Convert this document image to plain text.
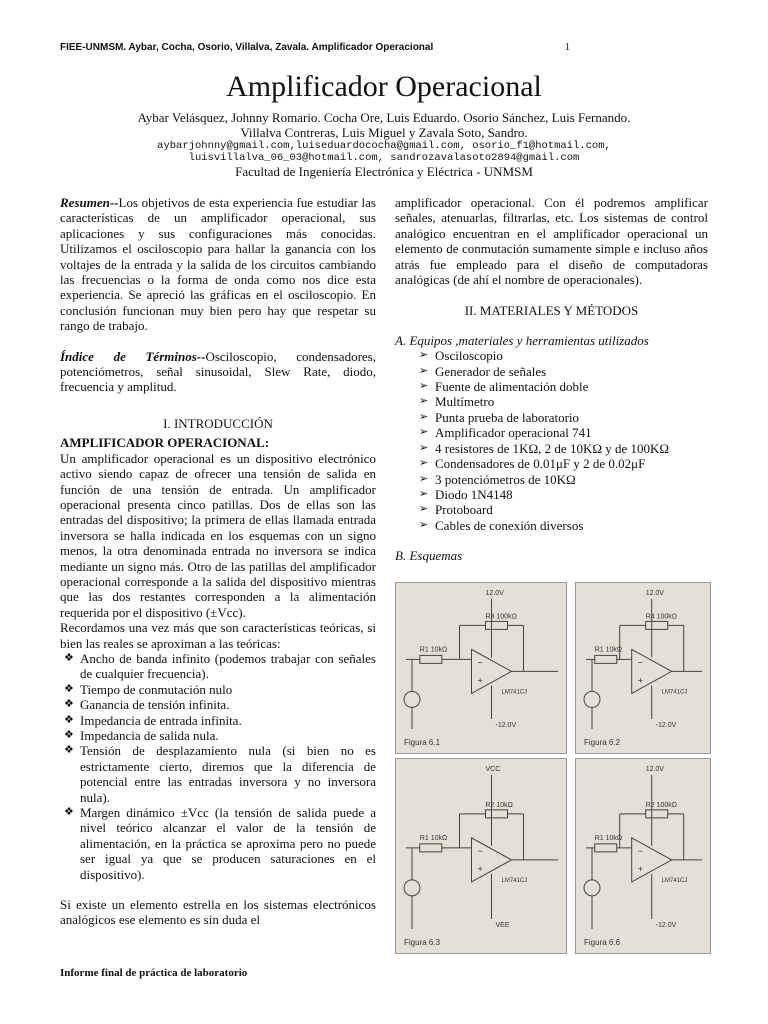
FIEE-UNMSM. Aybar, Cocha, Osorio, Villalva, Zavala. Amplificador Operacional	1
Amplificador Operacional
Aybar Velásquez, Johnny Romario. Cocha Ore, Luis Eduardo. Osorio Sánchez, Luis Fernando.
Villalva Contreras, Luis Miguel y Zavala Soto, Sandro.
aybarjohnny@gmail.com,luiseduardococha@gmail.com, osorio_f1@hotmail.com,
luisvillalva_06_03@hotmail.com, sandrozavalasoto2894@gmail.com
Facultad de Ingeniería Electrónica y Eléctrica - UNMSM

Resumen--Los objetivos de esta experiencia fue estudiar las características de un amplificador operacional, sus aplicaciones y sus configuraciones más conocidas. Utilizamos el osciloscopio para hallar la ganancia con los voltajes de la entrada y la salida de los circuitos cambiando las frecuencias o la forma de onda como nos dice esta experiencia. Se apreció las gráficas en el osciloscopio. En conclusión funcionan muy bien pero hay que respetar su rango de trabajo.

Índice de Términos--Osciloscopio, condensadores, potenciómetros, señal sinusoidal, Slew Rate, diodo, frecuencia y amplitud.

I. INTRODUCCIÓN

AMPLIFICADOR OPERACIONAL:

Un amplificador operacional es un dispositivo electrónico activo siendo capaz de ofrecer una tensión de salida en función de una tensión de entrada. Un amplificador operacional presenta cinco patillas. Dos de ellas son las entradas del dispositivo; la primera de ellas llamada entrada inversora se halla indicada en los esquemas con un signo menos, la otra denominada entrada no inversora se indica mediante un signo más. Otro de las patillas del amplificador operacional corresponde a la salida del dispositivo mientras que las dos restantes corresponden a la alimentación requerida por el dispositivo (±Vcc).

Recordamos una vez más que son características teóricas, si bien las reales se aproximan a las teóricas:

❖ Ancho de banda infinito (podemos trabajar con señales de cualquier frecuencia).
❖ Tiempo de conmutación nulo
❖ Ganancia de tensión infinita.
❖ Impedancia de entrada infinita.
❖ Impedancia de salida nula.
❖ Tensión de desplazamiento nula (si bien no es estrictamente cierto, diremos que la diferencia de potencial entre las entradas inversora y no inversora nula).
❖ Margen dinámico ±Vcc (la tensión de salida puede a nivel teórico alcanzar el valor de la tensión de alimentación, en la práctica se aproxima pero no puede ser igual ya que se producen saturaciones en el dispositivo).

Si existe un elemento estrella en los sistemas electrónicos analógicos ese elemento es sin duda el

amplificador operacional. Con él podremos amplificar señales, atenuarlas, filtrarlas, etc. Los sistemas de control analógico encuentran en el amplificador operacional un elemento de conmutación sumamente simple e incluso años atrás fue empleado para el diseño de computadoras analógicas (de ahí el nombre de operacionales).

II. MATERIALES Y MÉTODOS

A. Equipos ,materiales y herramientas utilizados

➢ Osciloscopio
➢ Generador de señales
➢ Fuente de alimentación doble
➢ Multímetro
➢ Punta prueba de laboratorio
➢ Amplificador operacional 741
➢ 4 resistores de 1KΩ, 2 de 10KΩ y de 100KΩ
➢ Condensadores de 0.01μF y 2 de 0.02μF
➢ 3 potenciómetros de 10KΩ
➢ Diodo 1N4148
➢ Protoboard
➢ Cables de conexión diversos

B. Esquemas

−
+
R1 10kΩ
R3 100kΩ
12.0V
-12.0V
LM741CJ
Figura 6.1
−
+
R1 10kΩ
R4 100kΩ
12.0V
-12.0V
LM741CJ
Figura 6.2
−
+
R1 10kΩ
R2 10kΩ
VCC
VEE
LM741CJ
Figura 6.3
−
+
R1 10kΩ
R2 100kΩ
12.0V
-12.0V
LM741CJ
Figura 6.6
Informe final de práctica de laboratorio
